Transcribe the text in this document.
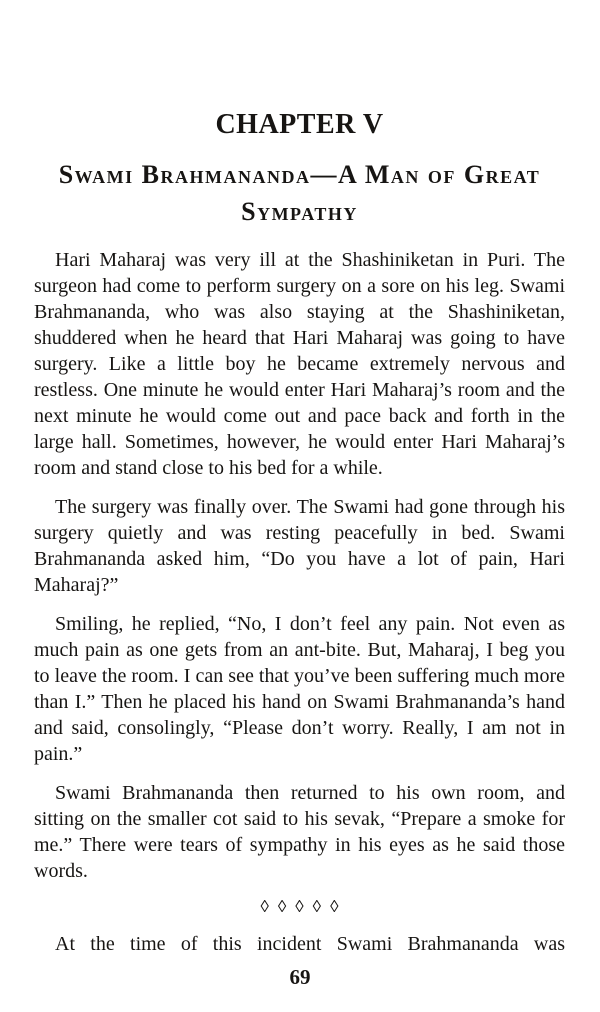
CHAPTER V
Swami Brahmananda—A Man of Great
Sympathy

Hari Maharaj was very ill at the Shashiniketan in Puri. The surgeon had come to perform surgery on a sore on his leg. Swami Brahmananda, who was also staying at the Shashiniketan, shuddered when he heard that Hari Maharaj was going to have surgery. Like a little boy he became extremely nervous and restless. One minute he would enter Hari Maharaj’s room and the next minute he would come out and pace back and forth in the large hall. Sometimes, however, he would enter Hari Maharaj’s room and stand close to his bed for a while.

The surgery was finally over. The Swami had gone through his surgery quietly and was resting peacefully in bed. Swami Brahmananda asked him, “Do you have a lot of pain, Hari Maharaj?”

Smiling, he replied, “No, I don’t feel any pain. Not even as much pain as one gets from an ant-bite. But, Maharaj, I beg you to leave the room. I can see that you’ve been suffering much more than I.” Then he placed his hand on Swami Brahmananda’s hand and said, consolingly, “Please don’t worry. Really, I am not in pain.”

Swami Brahmananda then returned to his own room, and sitting on the smaller cot said to his sevak, “Prepare a smoke for me.” There were tears of sympathy in his eyes as he said those words.

◊◊◊◊◊

At the time of this incident Swami Brahmananda was

69
